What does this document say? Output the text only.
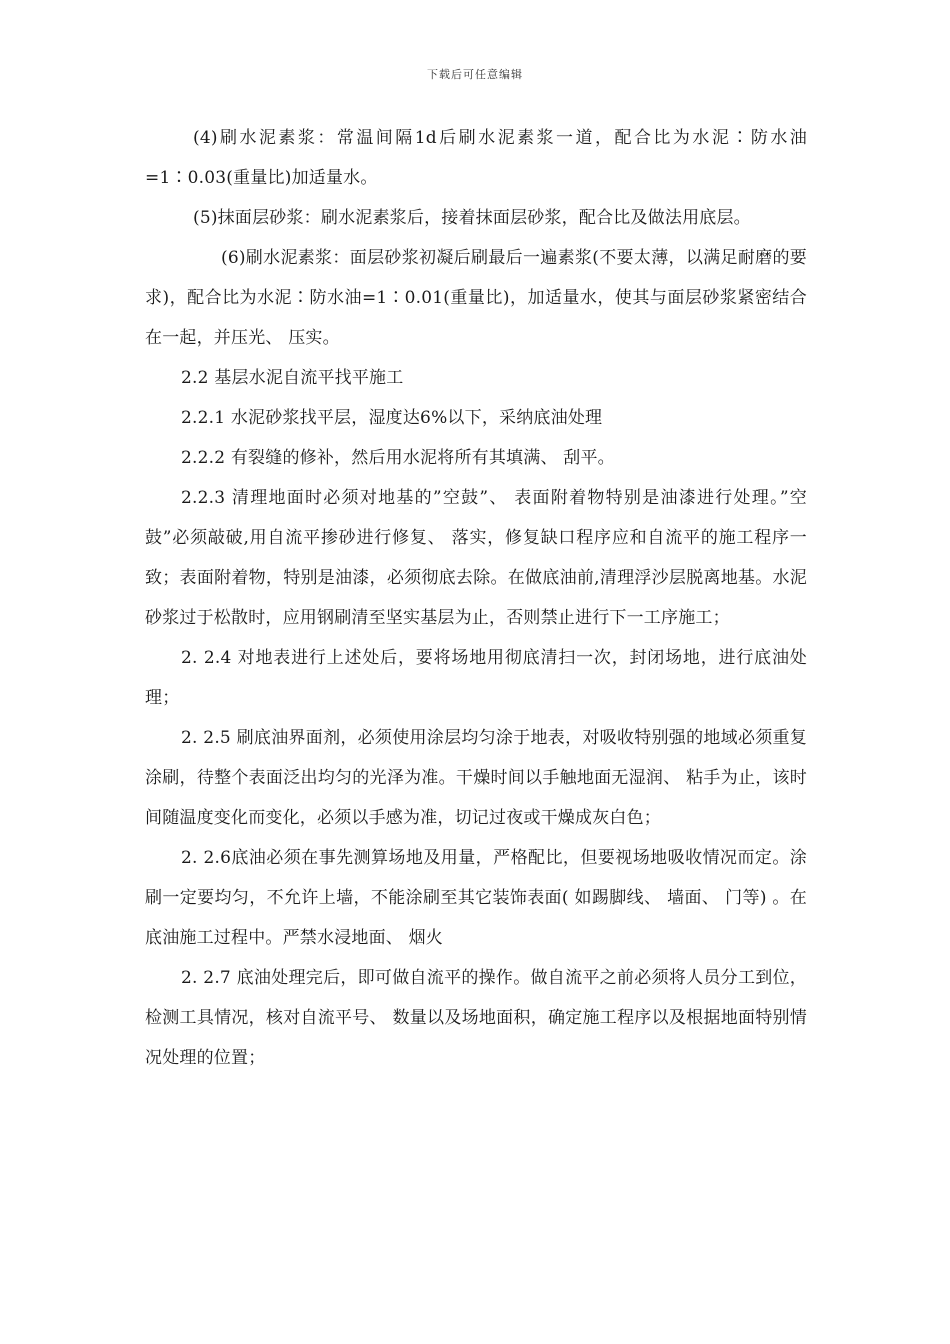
下载后可任意编辑

(4)刷水泥素浆：常温间隔1d后刷水泥素浆一道，配合比为水泥∶防水油=1∶0.03(重量比)加适量水。

(5)抹面层砂浆：刷水泥素浆后，接着抹面层砂浆，配合比及做法用底层。

(6)刷水泥素浆：面层砂浆初凝后刷最后一遍素浆(不要太薄，以满足耐磨的要求)，配合比为水泥∶防水油=1∶0.01(重量比)，加适量水，使其与面层砂浆紧密结合在一起，并压光、 压实。

2.2 基层水泥自流平找平施工

2.2.1 水泥砂浆找平层，湿度达6%以下，采纳底油处理

2.2.2 有裂缝的修补，然后用水泥将所有其填满、 刮平。

2.2.3 清理地面时必须对地基的”空鼓”、 表面附着物特别是油漆进行处理。”空鼓”必须敲破,用自流平掺砂进行修复、 落实，修复缺口程序应和自流平的施工程序一致；表面附着物，特别是油漆，必须彻底去除。在做底油前,清理浮沙层脱离地基。水泥砂浆过于松散时，应用钢刷清至坚实基层为止，否则禁止进行下一工序施工；

2. 2.4 对地表进行上述处后，要将场地用彻底清扫一次，封闭场地，进行底油处理；

2. 2.5 刷底油界面剂，必须使用涂层均匀涂于地表，对吸收特别强的地域必须重复涂刷，待整个表面泛出均匀的光泽为准。干燥时间以手触地面无湿润、 粘手为止，该时间随温度变化而变化，必须以手感为准，切记过夜或干燥成灰白色；

2. 2.6底油必须在事先测算场地及用量，严格配比，但要视场地吸收情况而定。涂刷一定要均匀，不允许上墙，不能涂刷至其它装饰表面( 如踢脚线、 墙面、 门等) 。在底油施工过程中。严禁水浸地面、 烟火

2. 2.7 底油处理完后，即可做自流平的操作。做自流平之前必须将人员分工到位，检测工具情况，核对自流平号、 数量以及场地面积，确定施工程序以及根据地面特别情况处理的位置；
